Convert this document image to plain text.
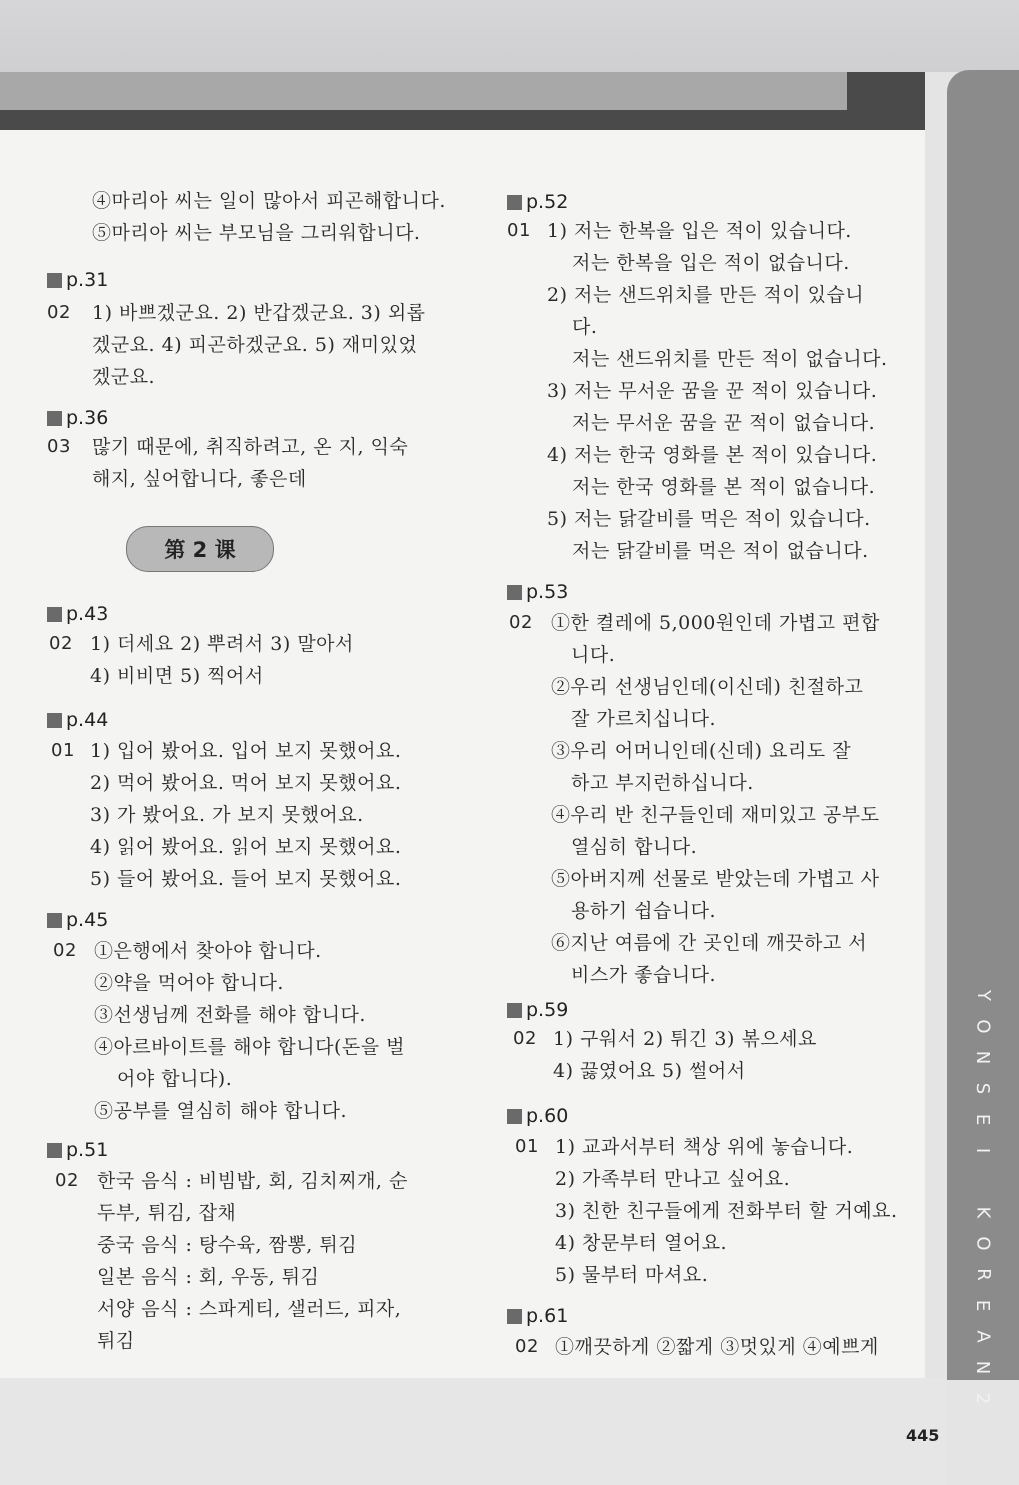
Y
O
N
S
E
I
K
O
R
E
A
N
2
④마리아 씨는 일이 많아서 피곤해합니다.
⑤마리아 씨는 부모님을 그리워합니다.
p.31
02 1) 바쁘겠군요. 2) 반갑겠군요. 3) 외롭
겠군요. 4) 피곤하겠군요. 5) 재미있었
겠군요.
p.36
03 많기 때문에, 취직하려고, 온 지, 익숙
해지, 싶어합니다, 좋은데
p.43
02 1) 더세요 2) 뿌려서 3) 말아서
4) 비비면 5) 찍어서
p.44
01 1) 입어 봤어요. 입어 보지 못했어요.
2) 먹어 봤어요. 먹어 보지 못했어요.
3) 가 봤어요. 가 보지 못했어요.
4) 읽어 봤어요. 읽어 보지 못했어요.
5) 들어 봤어요. 들어 보지 못했어요.
p.45
02 ①은행에서 찾아야 합니다.
②약을 먹어야 합니다.
③선생님께 전화를 해야 합니다.
④아르바이트를 해야 합니다(돈을 벌
어야 합니다).
⑤공부를 열심히 해야 합니다.
p.51
02 한국 음식 : 비빔밥, 회, 김치찌개, 순
두부, 튀김, 잡채
중국 음식 : 탕수육, 짬뽕, 튀김
일본 음식 : 회, 우동, 튀김
서양 음식 : 스파게티, 샐러드, 피자,
튀김
第 2 课
p.52
01 1) 저는 한복을 입은 적이 있습니다.
저는 한복을 입은 적이 없습니다.
2) 저는 샌드위치를 만든 적이 있습니
다.
저는 샌드위치를 만든 적이 없습니다.
3) 저는 무서운 꿈을 꾼 적이 있습니다.
저는 무서운 꿈을 꾼 적이 없습니다.
4) 저는 한국 영화를 본 적이 있습니다.
저는 한국 영화를 본 적이 없습니다.
5) 저는 닭갈비를 먹은 적이 있습니다.
저는 닭갈비를 먹은 적이 없습니다.
p.53
02 ①한 켤레에 5,000원인데 가볍고 편합
니다.
②우리 선생님인데(이신데) 친절하고
잘 가르치십니다.
③우리 어머니인데(신데) 요리도 잘
하고 부지런하십니다.
④우리 반 친구들인데 재미있고 공부도
열심히 합니다.
⑤아버지께 선물로 받았는데 가볍고 사
용하기 쉽습니다.
⑥지난 여름에 간 곳인데 깨끗하고 서
비스가 좋습니다.
p.59
02 1) 구워서 2) 튀긴 3) 볶으세요
4) 끓였어요 5) 썰어서
p.60
01 1) 교과서부터 책상 위에 놓습니다.
2) 가족부터 만나고 싶어요.
3) 친한 친구들에게 전화부터 할 거예요.
4) 창문부터 열어요.
5) 물부터 마셔요.
p.61
02 ①깨끗하게 ②짧게 ③멋있게 ④예쁘게
445
